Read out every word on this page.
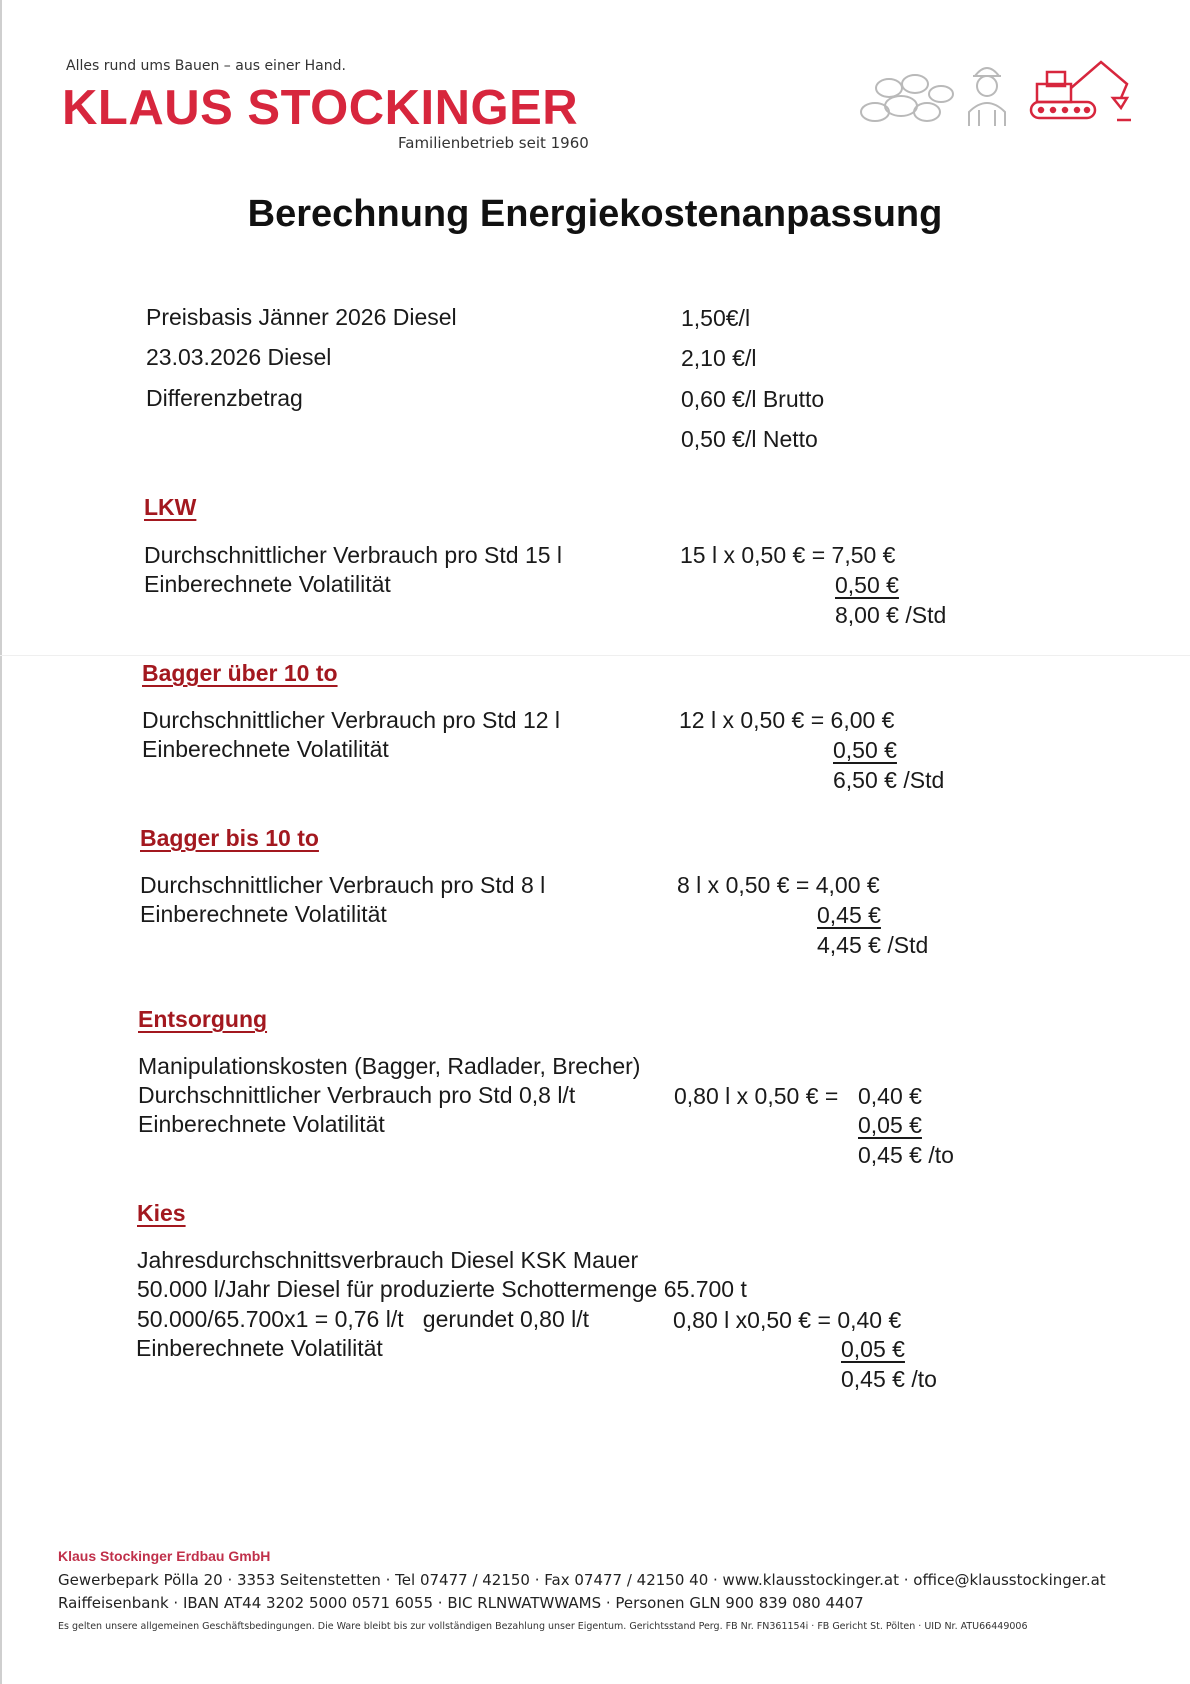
Alles rund ums Bauen – aus einer Hand.
KLAUS STOCKINGER
Familienbetrieb seit 1960
Berechnung Energiekostenanpassung
Preisbasis Jänner 2026 Diesel	1,50€/l
23.03.2026 Diesel	2,10 €/l
Differenzbetrag	0,60 €/l Brutto
0,50 €/l Netto
LKW
Durchschnittlicher Verbrauch pro Std 15 l	15 l x 0,50 € = 7,50 €
Einberechnete Volatilität	0,50 €
8,00 € /Std
Bagger über 10 to
Durchschnittlicher Verbrauch pro Std 12 l	12 l x 0,50 € = 6,00 €
Einberechnete Volatilität	0,50 €
6,50 € /Std
Bagger bis 10 to
Durchschnittlicher Verbrauch pro Std 8 l	8 l x 0,50 € = 4,00 €
Einberechnete Volatilität	0,45 €
4,45 € /Std
Entsorgung
Manipulationskosten (Bagger, Radlader, Brecher)
Durchschnittlicher Verbrauch pro Std 0,8 l/t	0,80 l x 0,50 € = 0,40 €
Einberechnete Volatilität	0,05 €
0,45 € /to
Kies
Jahresdurchschnittsverbrauch Diesel KSK Mauer
50.000 l/Jahr Diesel für produzierte Schottermenge 65.700 t
50.000/65.700x1 = 0,76 l/t   gerundet 0,80 l/t	0,80 l x0,50 € = 0,40 €
Einberechnete Volatilität	0,05 €
0,45 € /to
Klaus Stockinger Erdbau GmbH
Gewerbepark Pölla 20 · 3353 Seitenstetten · Tel 07477 / 42150 · Fax 07477 / 42150 40 · www.klausstockinger.at · office@klausstockinger.at
Raiffeisenbank · IBAN AT44 3202 5000 0571 6055 · BIC RLNWATWWAMS · Personen GLN 900 839 080 4407
Es gelten unsere allgemeinen Geschäftsbedingungen. Die Ware bleibt bis zur vollständigen Bezahlung unser Eigentum. Gerichtsstand Perg. FB Nr. FN361154i · FB Gericht St. Pölten · UID Nr. ATU66449006
